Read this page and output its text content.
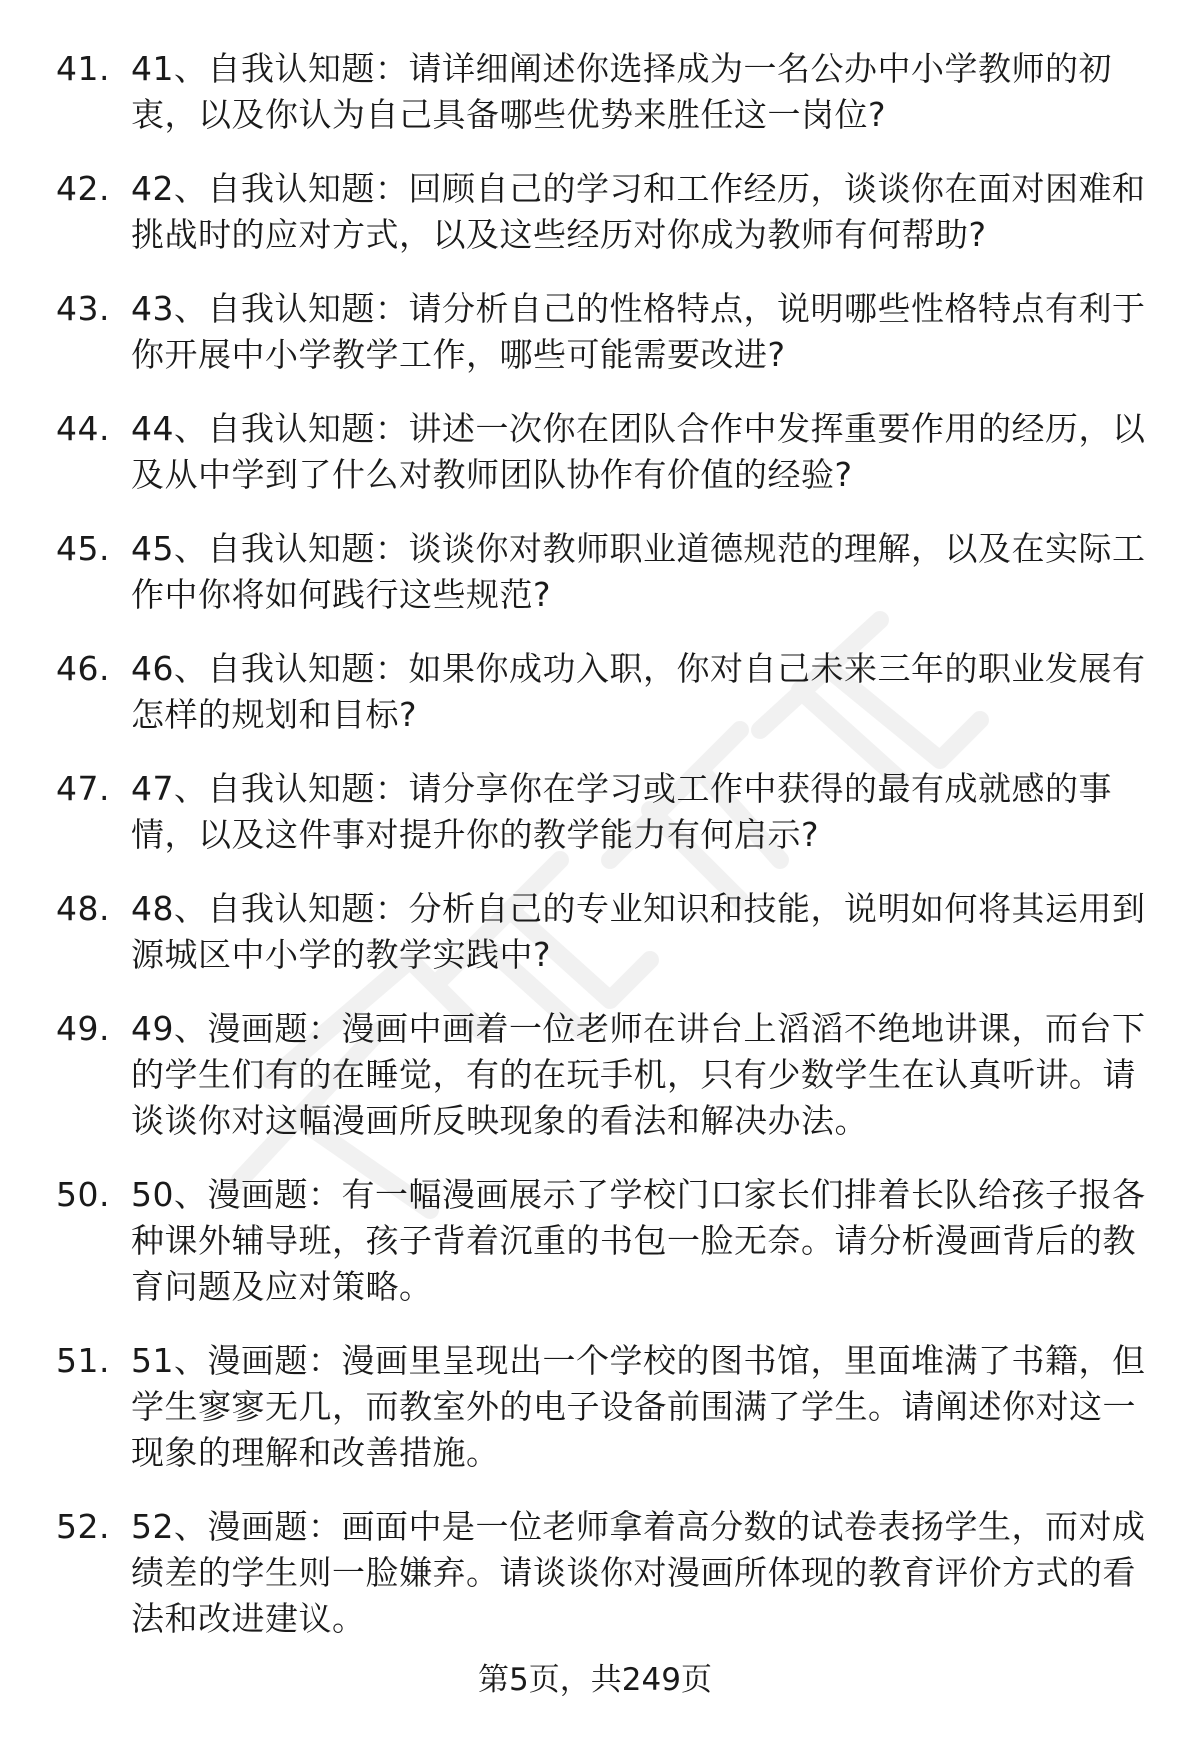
41. 41、自我认知题：请详细阐述你选择成为一名公办中小学教师的初衷，以及你认为自己具备哪些优势来胜任这一岗位?
42. 42、自我认知题：回顾自己的学习和工作经历，谈谈你在面对困难和挑战时的应对方式，以及这些经历对你成为教师有何帮助?
43. 43、自我认知题：请分析自己的性格特点，说明哪些性格特点有利于你开展中小学教学工作，哪些可能需要改进?
44. 44、自我认知题：讲述一次你在团队合作中发挥重要作用的经历，以及从中学到了什么对教师团队协作有价值的经验?
45. 45、自我认知题：谈谈你对教师职业道德规范的理解，以及在实际工作中你将如何践行这些规范?
46. 46、自我认知题：如果你成功入职，你对自己未来三年的职业发展有怎样的规划和目标?
47. 47、自我认知题：请分享你在学习或工作中获得的最有成就感的事情，以及这件事对提升你的教学能力有何启示?
48. 48、自我认知题：分析自己的专业知识和技能，说明如何将其运用到源城区中小学的教学实践中?
49. 49、漫画题：漫画中画着一位老师在讲台上滔滔不绝地讲课，而台下的学生们有的在睡觉，有的在玩手机，只有少数学生在认真听讲。请谈谈你对这幅漫画所反映现象的看法和解决办法。
50. 50、漫画题：有一幅漫画展示了学校门口家长们排着长队给孩子报各种课外辅导班，孩子背着沉重的书包一脸无奈。请分析漫画背后的教育问题及应对策略。
51. 51、漫画题：漫画里呈现出一个学校的图书馆，里面堆满了书籍，但学生寥寥无几，而教室外的电子设备前围满了学生。请阐述你对这一现象的理解和改善措施。
52. 52、漫画题：画面中是一位老师拿着高分数的试卷表扬学生，而对成绩差的学生则一脸嫌弃。请谈谈你对漫画所体现的教育评价方式的看法和改进建议。
第5页，共249页
